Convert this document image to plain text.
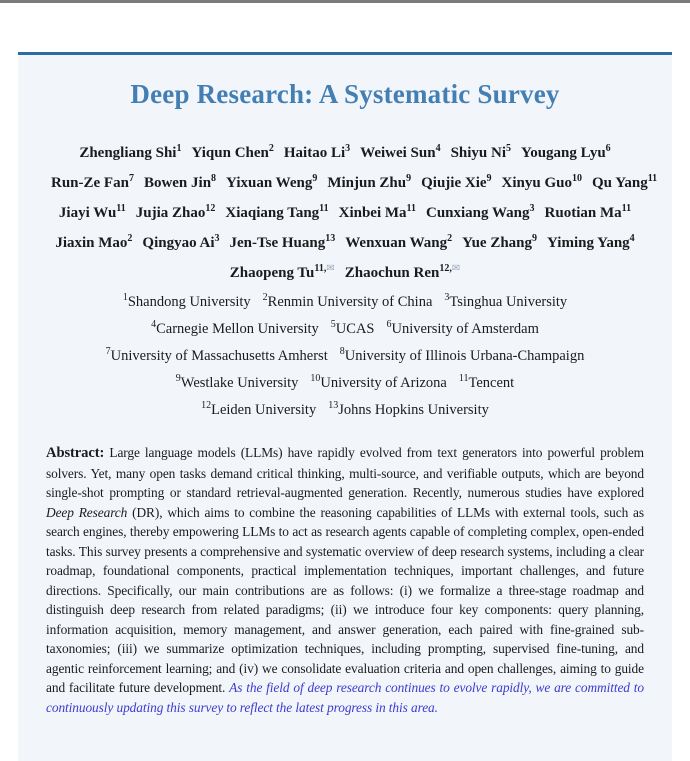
Deep Research: A Systematic Survey
Zhengliang Shi$^1$ Yiqun Chen$^2$ Haitao Li$^3$ Weiwei Sun$^4$ Shiyu Ni$^5$ Yougang Lyu$^6$
Run-Ze Fan$^7$ Bowen Jin$^8$ Yixuan Weng$^9$ Minjun Zhu$^9$ Qiujie Xie$^9$ Xinyu Guo$^{10}$ Qu Yang$^{11}$
Jiayi Wu$^{11}$ Jujia Zhao$^{12}$ Xiaqiang Tang$^{11}$ Xinbei Ma$^{11}$ Cunxiang Wang$^3$ Ruotian Ma$^{11}$
Jiaxin Mao$^2$ Qingyao Ai$^3$ Jen-Tse Huang$^{13}$ Wenxuan Wang$^2$ Yue Zhang$^9$ Yiming Yang$^4$
Zhaopeng $Tu^{11,✉}$ Zhaochun Ren$^{12,✉}$
$^1$Shandong University $^2$Renmin University of China $^3$Tsinghua University
$^4$Carnegie Mellon University $^5$UCAS $^6$University of Amsterdam
$^7$University of Massachusetts Amherst $^8$University of Illinois Urbana-Champaign
$^9$Westlake University $^{10}$University of Arizona $^{11}$Tencent
$^{12}$Leiden University $^{13}$Johns Hopkins University

Abstract: Large language models (LLMs) have rapidly evolved from text generators into powerful problem solvers. Yet, many open tasks demand critical thinking, multi-source, and verifiable outputs, which are beyond single-shot prompting or standard retrieval-augmented generation. Recently, numerous studies have explored Deep Research (DR), which aims to combine the reasoning capabilities of LLMs with external tools, such as search engines, thereby empowering LLMs to act as research agents capable of completing complex, open-ended tasks. This survey presents a comprehensive and systematic overview of deep research systems, including a clear roadmap, foundational components, practical implementation techniques, important challenges, and future directions. Specifically, our main contributions are as follows: (i) we formalize a three-stage roadmap and distinguish deep research from related paradigms; (ii) we introduce four key components: query planning, information acquisition, memory management, and answer generation, each paired with fine-grained sub-taxonomies; (iii) we summarize optimization techniques, including prompting, supervised fine-tuning, and agentic reinforcement learning; and (iv) we consolidate evaluation criteria and open challenges, aiming to guide and facilitate future development. As the field of deep research continues to evolve rapidly, we are committed to continuously updating this survey to reflect the latest progress in this area.
